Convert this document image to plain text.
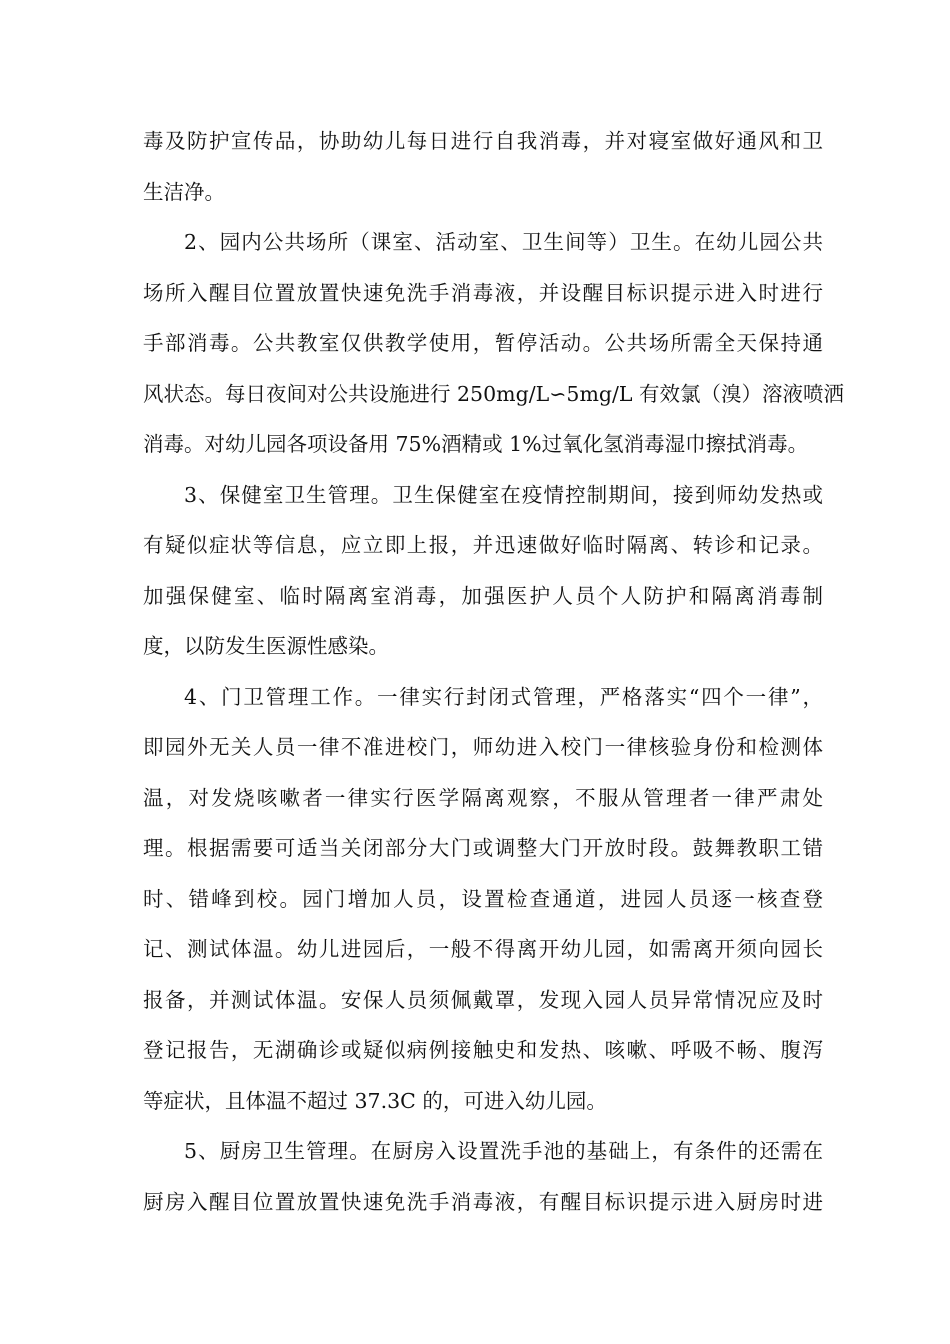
毒及防护宣传品，协助幼儿每日进行自我消毒，并对寝室做好通风和卫
生洁净。
2、园内公共场所（课室、活动室、卫生间等）卫生。在幼儿园公共
场所入醒目位置放置快速免洗手消毒液，并设醒目标识提示进入时进行
手部消毒。公共教室仅供教学使用，暂停活动。公共场所需全天保持通
风状态。每日夜间对公共设施进行 250mg/L∽5mg/L 有效氯（溴）溶液喷洒
消毒。对幼儿园各项设备用 75%酒精或 1%过氧化氢消毒湿巾擦拭消毒。
3、保健室卫生管理。卫生保健室在疫情控制期间，接到师幼发热或
有疑似症状等信息，应立即上报，并迅速做好临时隔离、转诊和记录。
加强保健室、临时隔离室消毒，加强医护人员个人防护和隔离消毒制
度，以防发生医源性感染。
4、门卫管理工作。一律实行封闭式管理，严格落实“四个一律”，
即园外无关人员一律不准进校门，师幼进入校门一律核验身份和检测体
温，对发烧咳嗽者一律实行医学隔离观察，不服从管理者一律严肃处
理。根据需要可适当关闭部分大门或调整大门开放时段。鼓舞教职工错
时、错峰到校。园门增加人员，设置检查通道，进园人员逐一核查登
记、测试体温。幼儿进园后，一般不得离开幼儿园，如需离开须向园长
报备，并测试体温。安保人员须佩戴罩，发现入园人员异常情况应及时
登记报告，无湖确诊或疑似病例接触史和发热、咳嗽、呼吸不畅、腹泻
等症状，且体温不超过 37.3C 的，可进入幼儿园。
5、厨房卫生管理。在厨房入设置洗手池的基础上，有条件的还需在
厨房入醒目位置放置快速免洗手消毒液，有醒目标识提示进入厨房时进
